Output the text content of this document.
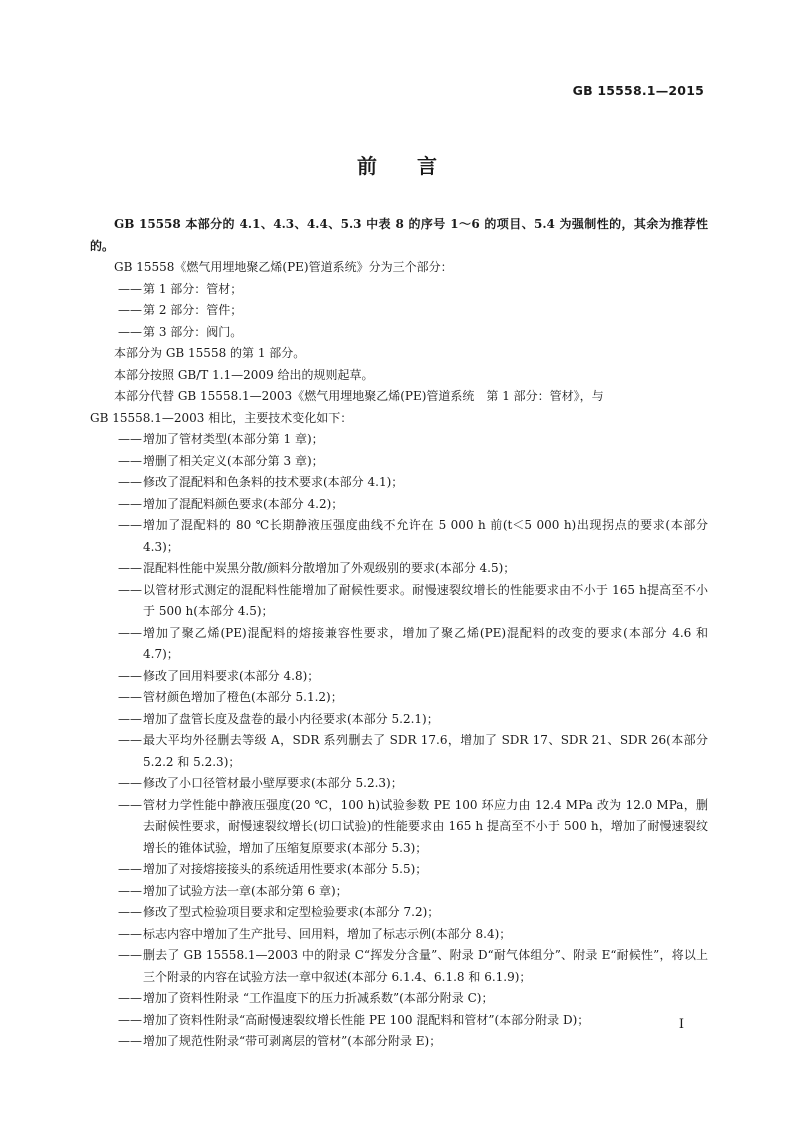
GB 15558.1—2015

前言

GB 15558 本部分的 4.1、4.3、4.4、5.3 中表 8 的序号 1～6 的项目、5.4 为强制性的，其余为推荐性的。

GB 15558《燃气用埋地聚乙烯(PE)管道系统》分为三个部分：

—— 第 1 部分：管材；

—— 第 2 部分：管件；

—— 第 3 部分：阀门。

本部分为 GB 15558 的第 1 部分。

本部分按照 GB/T 1.1—2009 给出的规则起草。

本部分代替 GB 15558.1—2003《燃气用埋地聚乙烯(PE)管道系统　第 1 部分：管材》，与

GB 15558.1—2003 相比，主要技术变化如下：

—— 增加了管材类型(本部分第 1 章)；

—— 增删了相关定义(本部分第 3 章)；

—— 修改了混配料和色条料的技术要求(本部分 4.1)；

—— 增加了混配料颜色要求(本部分 4.2)；

—— 增加了混配料的 80 ℃长期静液压强度曲线不允许在 5 000 h 前(t＜5 000 h)出现拐点的要求(本部分 4.3)；

—— 混配料性能中炭黑分散/颜料分散增加了外观级别的要求(本部分 4.5)；

—— 以管材形式测定的混配料性能增加了耐候性要求。耐慢速裂纹增长的性能要求由不小于 165 h提高至不小于 500 h(本部分 4.5)；

—— 增加了聚乙烯(PE)混配料的熔接兼容性要求，增加了聚乙烯(PE)混配料的改变的要求(本部分 4.6 和 4.7)；

—— 修改了回用料要求(本部分 4.8)；

—— 管材颜色增加了橙色(本部分 5.1.2)；

—— 增加了盘管长度及盘卷的最小内径要求(本部分 5.2.1)；

—— 最大平均外径删去等级 A，SDR 系列删去了 SDR 17.6，增加了 SDR 17、SDR 21、SDR 26(本部分 5.2.2 和 5.2.3)；

—— 修改了小口径管材最小壁厚要求(本部分 5.2.3)；

—— 管材力学性能中静液压强度(20 ℃，100 h)试验参数 PE 100 环应力由 12.4 MPa 改为 12.0 MPa，删去耐候性要求，耐慢速裂纹增长(切口试验)的性能要求由 165 h 提高至不小于 500 h，增加了耐慢速裂纹增长的锥体试验，增加了压缩复原要求(本部分 5.3)；

—— 增加了对接熔接接头的系统适用性要求(本部分 5.5)；

—— 增加了试验方法一章(本部分第 6 章)；

—— 修改了型式检验项目要求和定型检验要求(本部分 7.2)；

—— 标志内容中增加了生产批号、回用料，增加了标志示例(本部分 8.4)；

—— 删去了 GB 15558.1—2003 中的附录 C“挥发分含量”、附录 D“耐气体组分”、附录 E“耐候性”，将以上三个附录的内容在试验方法一章中叙述(本部分 6.1.4、6.1.8 和 6.1.9)；

—— 增加了资料性附录 “工作温度下的压力折减系数”(本部分附录 C)；

—— 增加了资料性附录“高耐慢速裂纹增长性能 PE 100 混配料和管材”(本部分附录 D)；

—— 增加了规范性附录“带可剥离层的管材”(本部分附录 E)；

I
